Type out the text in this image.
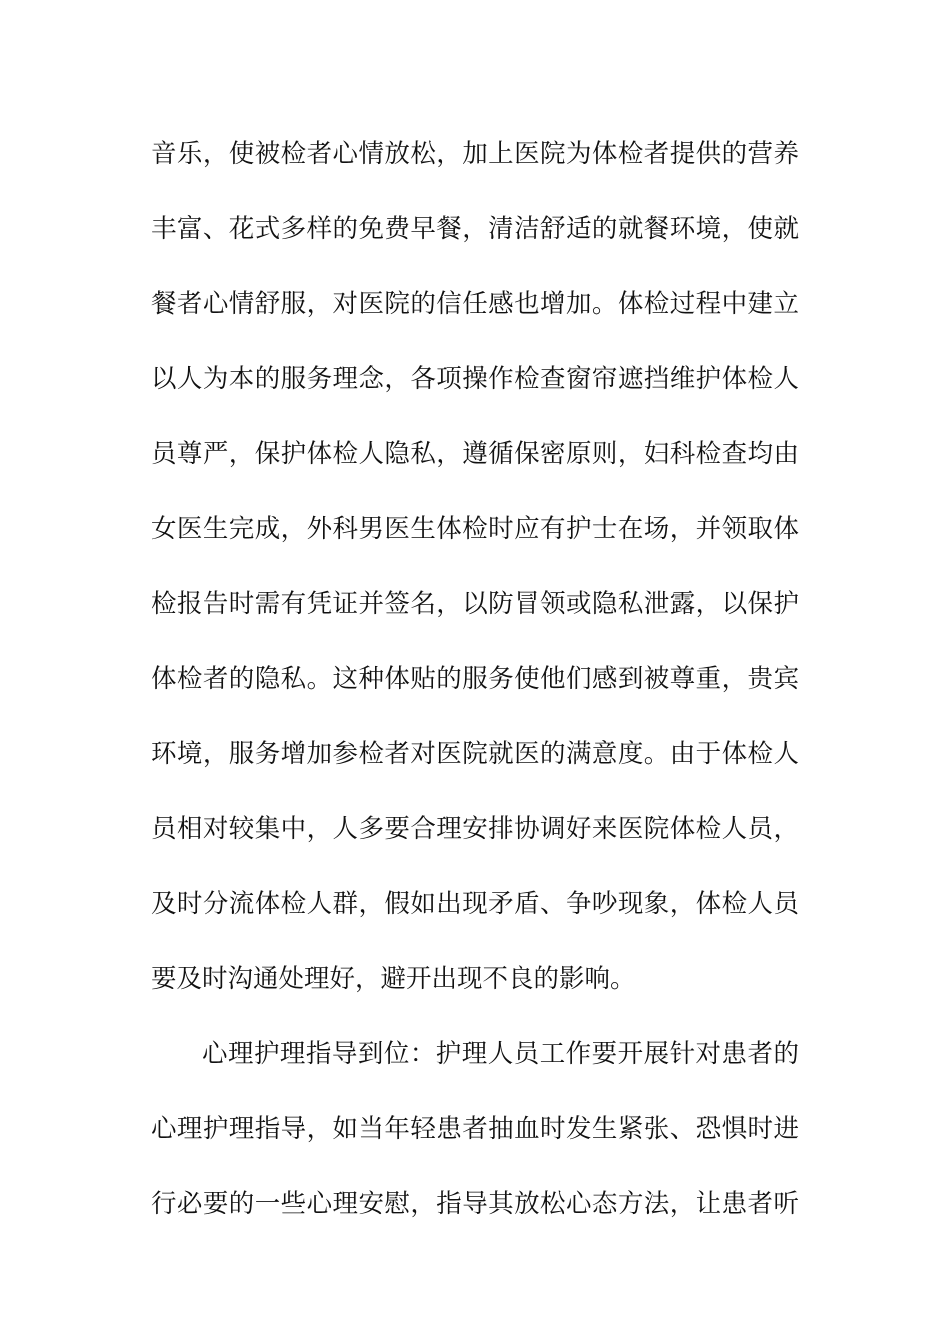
音乐，使被检者心情放松，加上医院为体检者提供的营养
丰富、花式多样的免费早餐，清洁舒适的就餐环境，使就
餐者心情舒服，对医院的信任感也增加。体检过程中建立
以人为本的服务理念，各项操作检查窗帘遮挡维护体检人
员尊严，保护体检人隐私，遵循保密原则，妇科检查均由
女医生完成，外科男医生体检时应有护士在场，并领取体
检报告时需有凭证并签名，以防冒领或隐私泄露，以保护
体检者的隐私。这种体贴的服务使他们感到被尊重，贵宾
环境，服务增加参检者对医院就医的满意度。由于体检人
员相对较集中，人多要合理安排协调好来医院体检人员，
及时分流体检人群，假如出现矛盾、争吵现象，体检人员
要及时沟通处理好，避开出现不良的影响。
心理护理指导到位：护理人员工作要开展针对患者的
心理护理指导，如当年轻患者抽血时发生紧张、恐惧时进
行必要的一些心理安慰，指导其放松心态方法，让患者听
